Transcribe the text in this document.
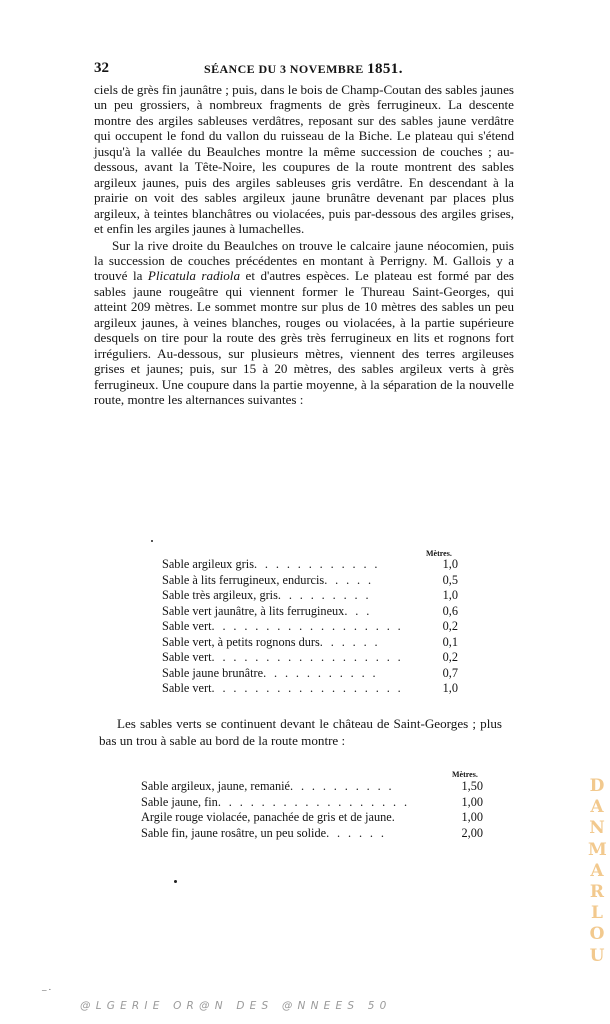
32	SÉANCE DU 3 NOVEMBRE 1851.

ciels de grès fin jaunâtre ; puis, dans le bois de Champ-Coutan des sables jaunes un peu grossiers, à nombreux fragments de grès ferrugineux. La descente montre des argiles sableuses verdâtres, reposant sur des sables jaune verdâtre qui occupent le fond du vallon du ruisseau de la Biche. Le plateau qui s'étend jusqu'à la vallée du Beaulches montre la même succession de couches ; au-dessous, avant la Tête-Noire, les coupures de la route montrent des sables argileux jaunes, puis des argiles sableuses gris verdâtre. En descendant à la prairie on voit des sables argileux jaune brunâtre devenant par places plus argileux, à teintes blanchâtres ou violacées, puis par-dessous des argiles grises, et enfin les argiles jaunes à lumachelles.

Sur la rive droite du Beaulches on trouve le calcaire jaune néocomien, puis la succession de couches précédentes en montant à Perrigny. M. Gallois y a trouvé la Plicatula radiola et d'autres espèces. Le plateau est formé par des sables jaune rougeâtre qui viennent former le Thureau Saint-Georges, qui atteint 209 mètres. Le sommet montre sur plus de 10 mètres des sables un peu argileux jaunes, à veines blanches, rouges ou violacées, à la partie supérieure desquels on tire pour la route des grès très ferrugineux en lits et rognons fort irréguliers. Au-dessous, sur plusieurs mètres, viennent des terres argileuses grises et jaunes; puis, sur 15 à 20 mètres, des sables argileux verts à grès ferrugineux. Une coupure dans la partie moyenne, à la séparation de la nouvelle route, montre les alternances suivantes :

Mètres.
Sable argileux gris. . . . . . . . . . . .	1,0
Sable à lits ferrugineux, endurcis. . . . .	0,5
Sable très argileux, gris. . . . . . . . .	1,0
Sable vert jaunâtre, à lits ferrugineux. . .	0,6
Sable vert. . . . . . . . . . . . . . . . . .	0,2
Sable vert, à petits rognons durs. . . . . .	0,1
Sable vert. . . . . . . . . . . . . . . . . .	0,2
Sable jaune brunâtre. . . . . . . . . . .	0,7
Sable vert. . . . . . . . . . . . . . . . . .	1,0

Les sables verts se continuent devant le château de Saint-Georges ; plus bas un trou à sable au bord de la route montre :

Mètres.
Sable argileux, jaune, remanié. . . . . . . . . .	1,50
Sable jaune, fin. . . . . . . . . . . . . . . . . .	1,00
Argile rouge violacée, panachée de gris et de jaune.	1,00
Sable fin, jaune rosâtre, un peu solide. . . . . .	2,00
D
A
N
M
A
R
L
O
U
@LGERIE OR@N DES @NNEES 50
_ .
